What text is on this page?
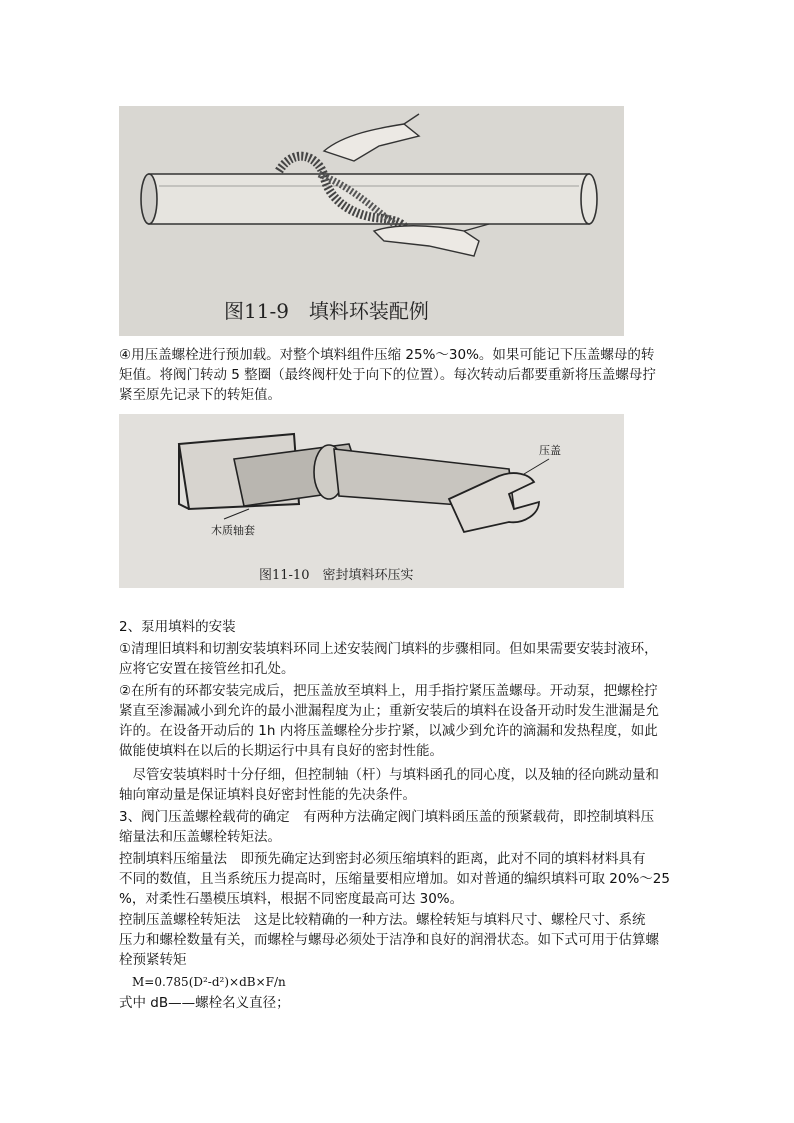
图11-9　填料环装配例

④用压盖螺栓进行预加载。对整个填料组件压缩 25%～30%。如果可能记下压盖螺母的转
矩值。将阀门转动 5 整圈（最终阀杆处于向下的位置）。每次转动后都要重新将压盖螺母拧
紧至原先记录下的转矩值。

木质轴套
压盖
图11-10　密封填料环压实

2、泵用填料的安装

①清理旧填料和切割安装填料环同上述安装阀门填料的步骤相同。但如果需要安装封液环，
应将它安置在接管丝扣孔处。

②在所有的环都安装完成后，把压盖放至填料上，用手指拧紧压盖螺母。开动泵，把螺栓拧
紧直至渗漏减小到允许的最小泄漏程度为止；重新安装后的填料在设备开动时发生泄漏是允
许的。在设备开动后的 1h 内将压盖螺栓分步拧紧，以减少到允许的滴漏和发热程度，如此
做能使填料在以后的长期运行中具有良好的密封性能。

　尽管安装填料时十分仔细，但控制轴（杆）与填料函孔的同心度，以及轴的径向跳动量和
轴向窜动量是保证填料良好密封性能的先决条件。

3、阀门压盖螺栓载荷的确定　有两种方法确定阀门填料函压盖的预紧载荷，即控制填料压
缩量法和压盖螺栓转矩法。

控制填料压缩量法　即预先确定达到密封必须压缩填料的距离，此对不同的填料材料具有
不同的数值，且当系统压力提高时，压缩量要相应增加。如对普通的编织填料可取 20%～25
%，对柔性石墨模压填料，根据不同密度最高可达 30%。

控制压盖螺栓转矩法　这是比较精确的一种方法。螺栓转矩与填料尺寸、螺栓尺寸、系统
压力和螺栓数量有关，而螺栓与螺母必须处于洁净和良好的润滑状态。如下式可用于估算螺
栓预紧转矩

M=0.785(D²-d²)×dB×F/n

式中 dB——螺栓名义直径；
